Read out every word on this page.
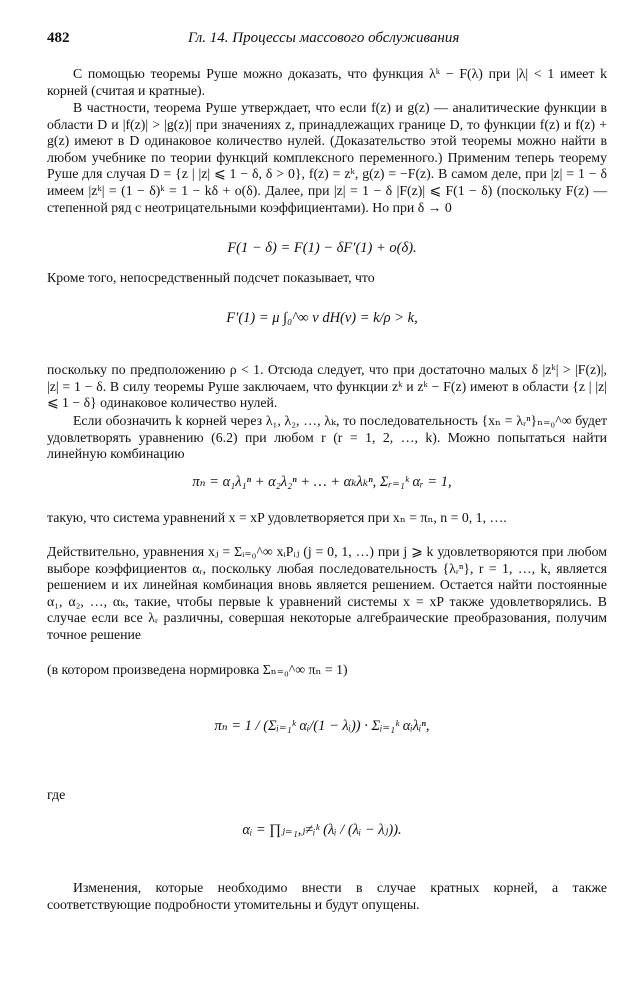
482	Гл. 14. Процессы массового обслуживания

С помощью теоремы Руше можно доказать, что функция λᵏ − F(λ) при |λ| < 1 имеет k корней (считая и кратные).

В частности, теорема Руше утверждает, что если f(z) и g(z) — аналитические функции в области D и |f(z)| > |g(z)| при значениях z, принадлежащих границе D, то функции f(z) и f(z) + g(z) имеют в D одинаковое количество нулей. (Доказательство этой теоремы можно найти в любом учебнике по теории функций комплексного переменного.) Применим теперь теорему Руше для случая D = {z | |z| ⩽ 1 − δ, δ > 0}, f(z) = zᵏ, g(z) = −F(z). В самом деле, при |z| = 1 − δ имеем |zᵏ| = (1 − δ)ᵏ = 1 − kδ + o(δ). Далее, при |z| = 1 − δ |F(z)| ⩽ F(1 − δ) (поскольку F(z) — степенной ряд с неотрицательными коэффициентами). Но при δ → 0

F(1 − δ) = F(1) − δF′(1) + o(δ).

Кроме того, непосредственный подсчет показывает, что

F′(1) = μ ∫₀^∞ v dH(v) = k/ρ > k,

поскольку по предположению ρ < 1. Отсюда следует, что при достаточно малых δ |zᵏ| > |F(z)|, |z| = 1 − δ. В силу теоремы Руше заключаем, что функции zᵏ и zᵏ − F(z) имеют в области {z | |z| ⩽ 1 − δ} одинаковое количество нулей.

Если обозначить k корней через λ₁, λ₂, …, λₖ, то последовательность {xₙ = λᵣⁿ}ₙ₌₀^∞ будет удовлетворять уравнению (6.2) при любом r (r = 1, 2, …, k). Можно попытаться найти линейную комбинацию

πₙ = α₁λ₁ⁿ + α₂λ₂ⁿ + … + αₖλₖⁿ, Σᵣ₌₁ᵏ αᵣ = 1,

такую, что система уравнений x = xP удовлетворяется при xₙ = πₙ, n = 0, 1, ….

Действительно, уравнения xⱼ = Σᵢ₌₀^∞ xᵢPᵢⱼ (j = 0, 1, …) при j ⩾ k удовлетворяются при любом выборе коэффициентов αᵣ, поскольку любая последовательность {λᵣⁿ}, r = 1, …, k, является решением и их линейная комбинация вновь является решением. Остается найти постоянные α₁, α₂, …, αₖ, такие, чтобы первые k уравнений системы x = xP также удовлетворялись. В случае если все λᵣ различны, совершая некоторые алгебраические преобразования, получим точное решение

(в котором произведена нормировка Σₙ₌₀^∞ πₙ = 1)

πₙ = 1 / (Σᵢ₌₁ᵏ αᵢ/(1 − λᵢ)) · Σᵢ₌₁ᵏ αᵢλᵢⁿ,

где

αᵢ = ∏ⱼ₌₁,ⱼ≠ᵢᵏ (λᵢ / (λᵢ − λⱼ)).

Изменения, которые необходимо внести в случае кратных корней, а также соответствующие подробности утомительны и будут опущены.
